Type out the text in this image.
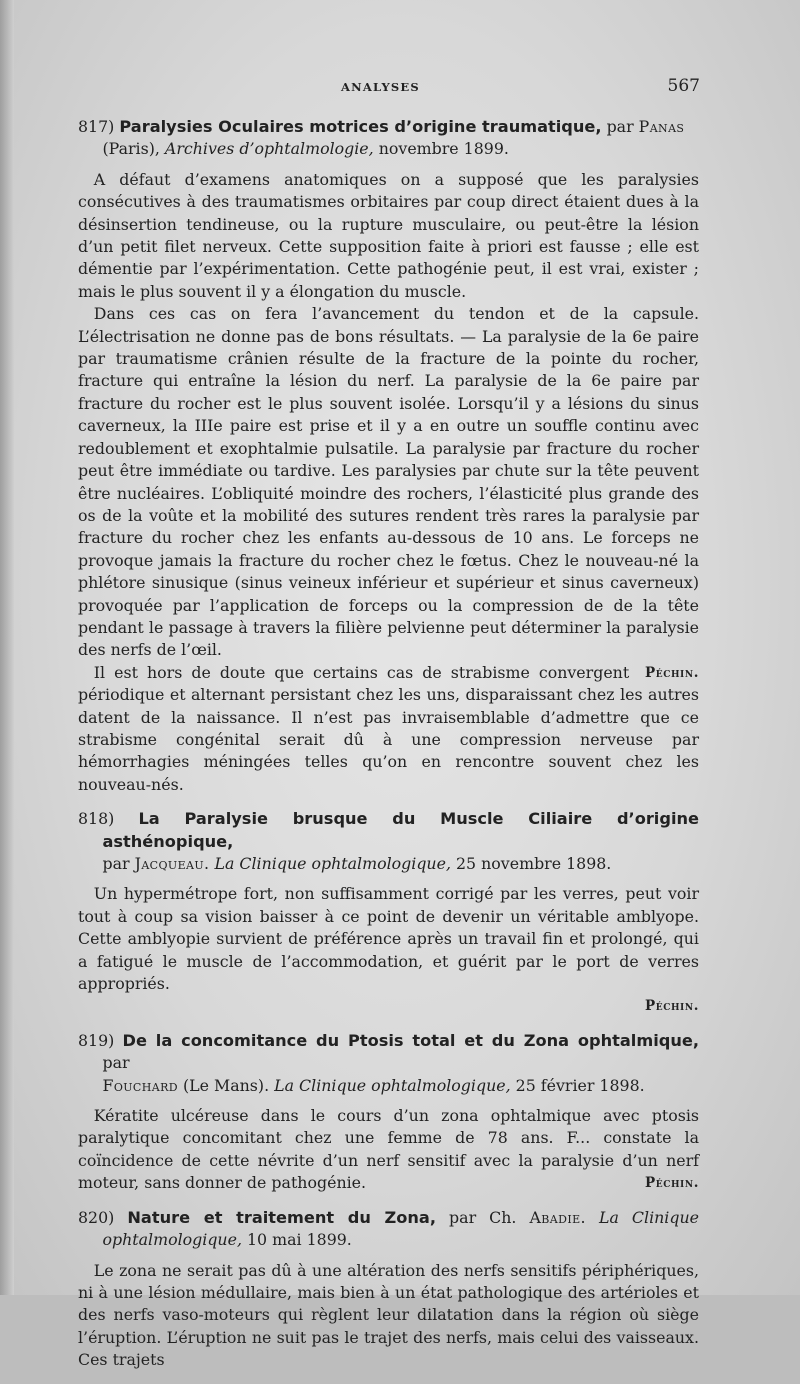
ANALYSES	567

817) Paralysies Oculaires motrices d’origine traumatique, par Panas
(Paris), Archives d’ophtalmologie, novembre 1899.

A défaut d’examens anatomiques on a supposé que les paralysies consécutives à des traumatismes orbitaires par coup direct étaient dues à la désinsertion tendineuse, ou la rupture musculaire, ou peut-être la lésion d’un petit filet nerveux. Cette supposition faite à priori est fausse ; elle est démentie par l’expérimentation. Cette pathogénie peut, il est vrai, exister ; mais le plus souvent il y a élongation du muscle.

Dans ces cas on fera l’avancement du tendon et de la capsule. L’électrisation ne donne pas de bons résultats. — La paralysie de la 6e paire par traumatisme crânien résulte de la fracture de la pointe du rocher, fracture qui entraîne la lésion du nerf. La paralysie de la 6e paire par fracture du rocher est le plus souvent isolée. Lorsqu’il y a lésions du sinus caverneux, la IIIe paire est prise et il y a en outre un souffle continu avec redoublement et exophtalmie pulsatile. La paralysie par fracture du rocher peut être immédiate ou tardive. Les paralysies par chute sur la tête peuvent être nucléaires. L’obliquité moindre des rochers, l’élasticité plus grande des os de la voûte et la mobilité des sutures rendent très rares la paralysie par fracture du rocher chez les enfants au-dessous de 10 ans. Le forceps ne provoque jamais la fracture du rocher chez le fœtus. Chez le nouveau-né la phlétore sinusique (sinus veineux inférieur et supérieur et sinus caverneux) provoquée par l’application de forceps ou la compression de de la tête pendant le passage à travers la filière pelvienne peut déterminer la paralysie des nerfs de l’œil.

Péchin.
Il est hors de doute que certains cas de strabisme convergent périodique et alternant persistant chez les uns, disparaissant chez les autres datent de la naissance. Il n’est pas invraisemblable d’admettre que ce strabisme congénital serait dû à une compression nerveuse par hémorrhagies méningées telles qu’on en rencontre souvent chez les nouveau-nés.

818) La Paralysie brusque du Muscle Ciliaire d’origine asthénopique,
par Jacqueau. La Clinique ophtalmologique, 25 novembre 1898.

Un hypermétrope fort, non suffisamment corrigé par les verres, peut voir tout à coup sa vision baisser à ce point de devenir un véritable amblyope. Cette amblyopie survient de préférence après un travail fin et prolongé, qui a fatigué le muscle de l’accommodation, et guérit par le port de verres appropriés.

Péchin.

819) De la concomitance du Ptosis total et du Zona ophtalmique, par
Fouchard (Le Mans). La Clinique ophtalmologique, 25 février 1898.

Kératite ulcéreuse dans le cours d’un zona ophtalmique avec ptosis paralytique concomitant chez une femme de 78 ans. F... constate la coïncidence de cette névrite d’un nerf sensitif avec la paralysie d’un nerf moteur, sans donner de pathogénie.	Péchin.

820) Nature et traitement du Zona, par Ch. Abadie. La Clinique ophtalmologique, 10 mai 1899.

Le zona ne serait pas dû à une altération des nerfs sensitifs périphériques, ni à une lésion médullaire, mais bien à un état pathologique des artérioles et des nerfs vaso-moteurs qui règlent leur dilatation dans la région où siège l’éruption. L’éruption ne suit pas le trajet des nerfs, mais celui des vaisseaux. Ces trajets
